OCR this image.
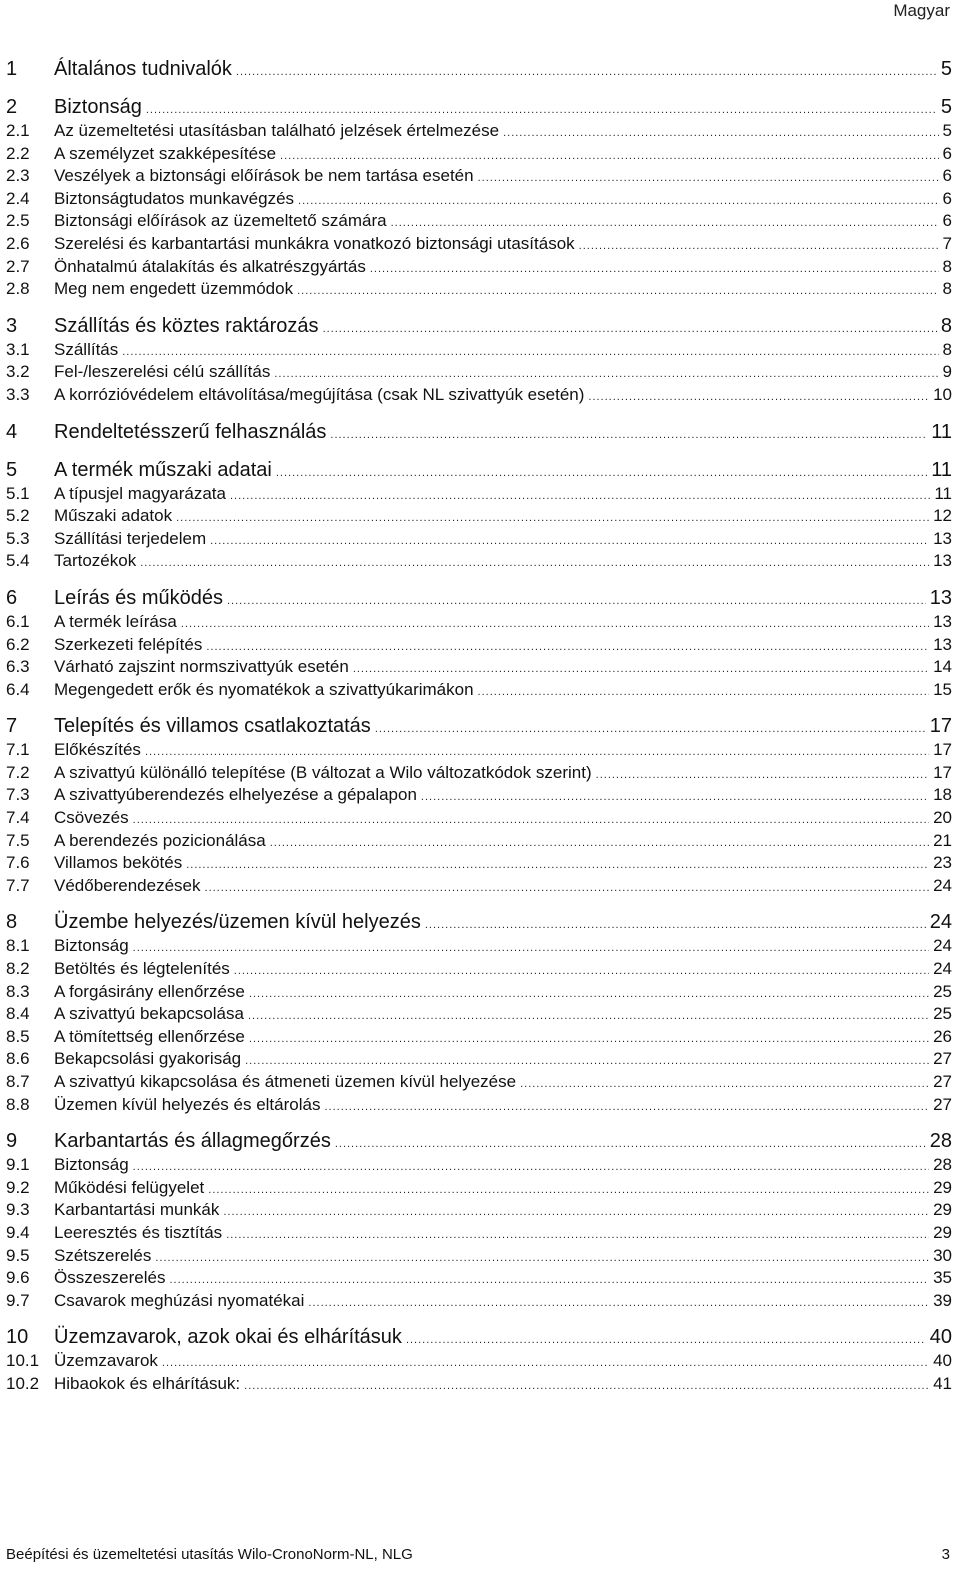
Magyar
1	Általános tudnivalók .....	5
2	Biztonság .....	5
2.1	Az üzemeltetési utasításban található jelzések értelmezése .....	5
2.2	A személyzet szakképesítése .....	6
2.3	Veszélyek a biztonsági előírások be nem tartása esetén .....	6
2.4	Biztonságtudatos munkavégzés .....	6
2.5	Biztonsági előírások az üzemeltető számára .....	6
2.6	Szerelési és karbantartási munkákra vonatkozó biztonsági utasítások .....	7
2.7	Önhatalmú átalakítás és alkatrészgyártás .....	8
2.8	Meg nem engedett üzemmódok .....	8
3	Szállítás és köztes raktározás .....	8
3.1	Szállítás .....	8
3.2	Fel-/leszerelési célú szállítás .....	9
3.3	A korrózióvédelem eltávolítása/megújítása (csak NL szivattyúk esetén) .....	10
4	Rendeltetésszerű felhasználás .....	11
5	A termék műszaki adatai .....	11
5.1	A típusjel magyarázata .....	11
5.2	Műszaki adatok .....	12
5.3	Szállítási terjedelem .....	13
5.4	Tartozékok .....	13
6	Leírás és működés .....	13
6.1	A termék leírása .....	13
6.2	Szerkezeti felépítés .....	13
6.3	Várható zajszint normszivattyúk esetén .....	14
6.4	Megengedett erők és nyomatékok a szivattyúkarimákon .....	15
7	Telepítés és villamos csatlakoztatás .....	17
7.1	Előkészítés .....	17
7.2	A szivattyú különálló telepítése (B változat a Wilo változatkódok szerint) .....	17
7.3	A szivattyúberendezés elhelyezése a gépalapon .....	18
7.4	Csövezés .....	20
7.5	A berendezés pozicionálása .....	21
7.6	Villamos bekötés .....	23
7.7	Védőberendezések .....	24
8	Üzembe helyezés/üzemen kívül helyezés .....	24
8.1	Biztonság .....	24
8.2	Betöltés és légtelenítés .....	24
8.3	A forgásirány ellenőrzése .....	25
8.4	A szivattyú bekapcsolása .....	25
8.5	A tömítettség ellenőrzése .....	26
8.6	Bekapcsolási gyakoriság .....	27
8.7	A szivattyú kikapcsolása és átmeneti üzemen kívül helyezése .....	27
8.8	Üzemen kívül helyezés és eltárolás .....	27
9	Karbantartás és állagmegőrzés .....	28
9.1	Biztonság .....	28
9.2	Működési felügyelet .....	29
9.3	Karbantartási munkák .....	29
9.4	Leeresztés és tisztítás .....	29
9.5	Szétszerelés .....	30
9.6	Összeszerelés .....	35
9.7	Csavarok meghúzási nyomatékai .....	39
10	Üzemzavarok, azok okai és elhárításuk .....	40
10.1 Üzemzavarok .....	40
10.2 Hibaokok és elhárításuk: .....	41
Beépítési és üzemeltetési utasítás Wilo-CronoNorm-NL, NLG	3
